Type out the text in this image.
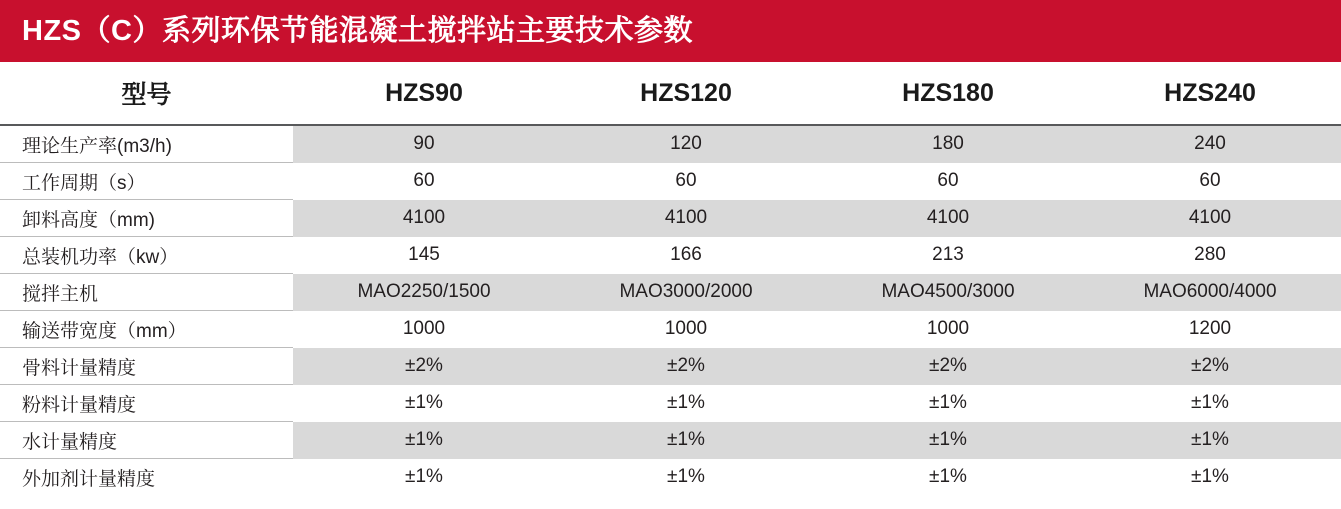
HZS（C）系列环保节能混凝土搅拌站主要技术参数
型号	HZS90	HZS120	HZS180	HZS240
理论生产率(m3/h)	90	120	180	240
工作周期（s）	60	60	60	60
卸料高度（mm)	4100	4100	4100	4100
总装机功率（kw）	145	166	213	280
搅拌主机	MAO2250/1500	MAO3000/2000	MAO4500/3000	MAO6000/4000
输送带宽度（mm）	1000	1000	1000	1200
骨料计量精度	±2%	±2%	±2%	±2%
粉料计量精度	±1%	±1%	±1%	±1%
水计量精度	±1%	±1%	±1%	±1%
外加剂计量精度	±1%	±1%	±1%	±1%
